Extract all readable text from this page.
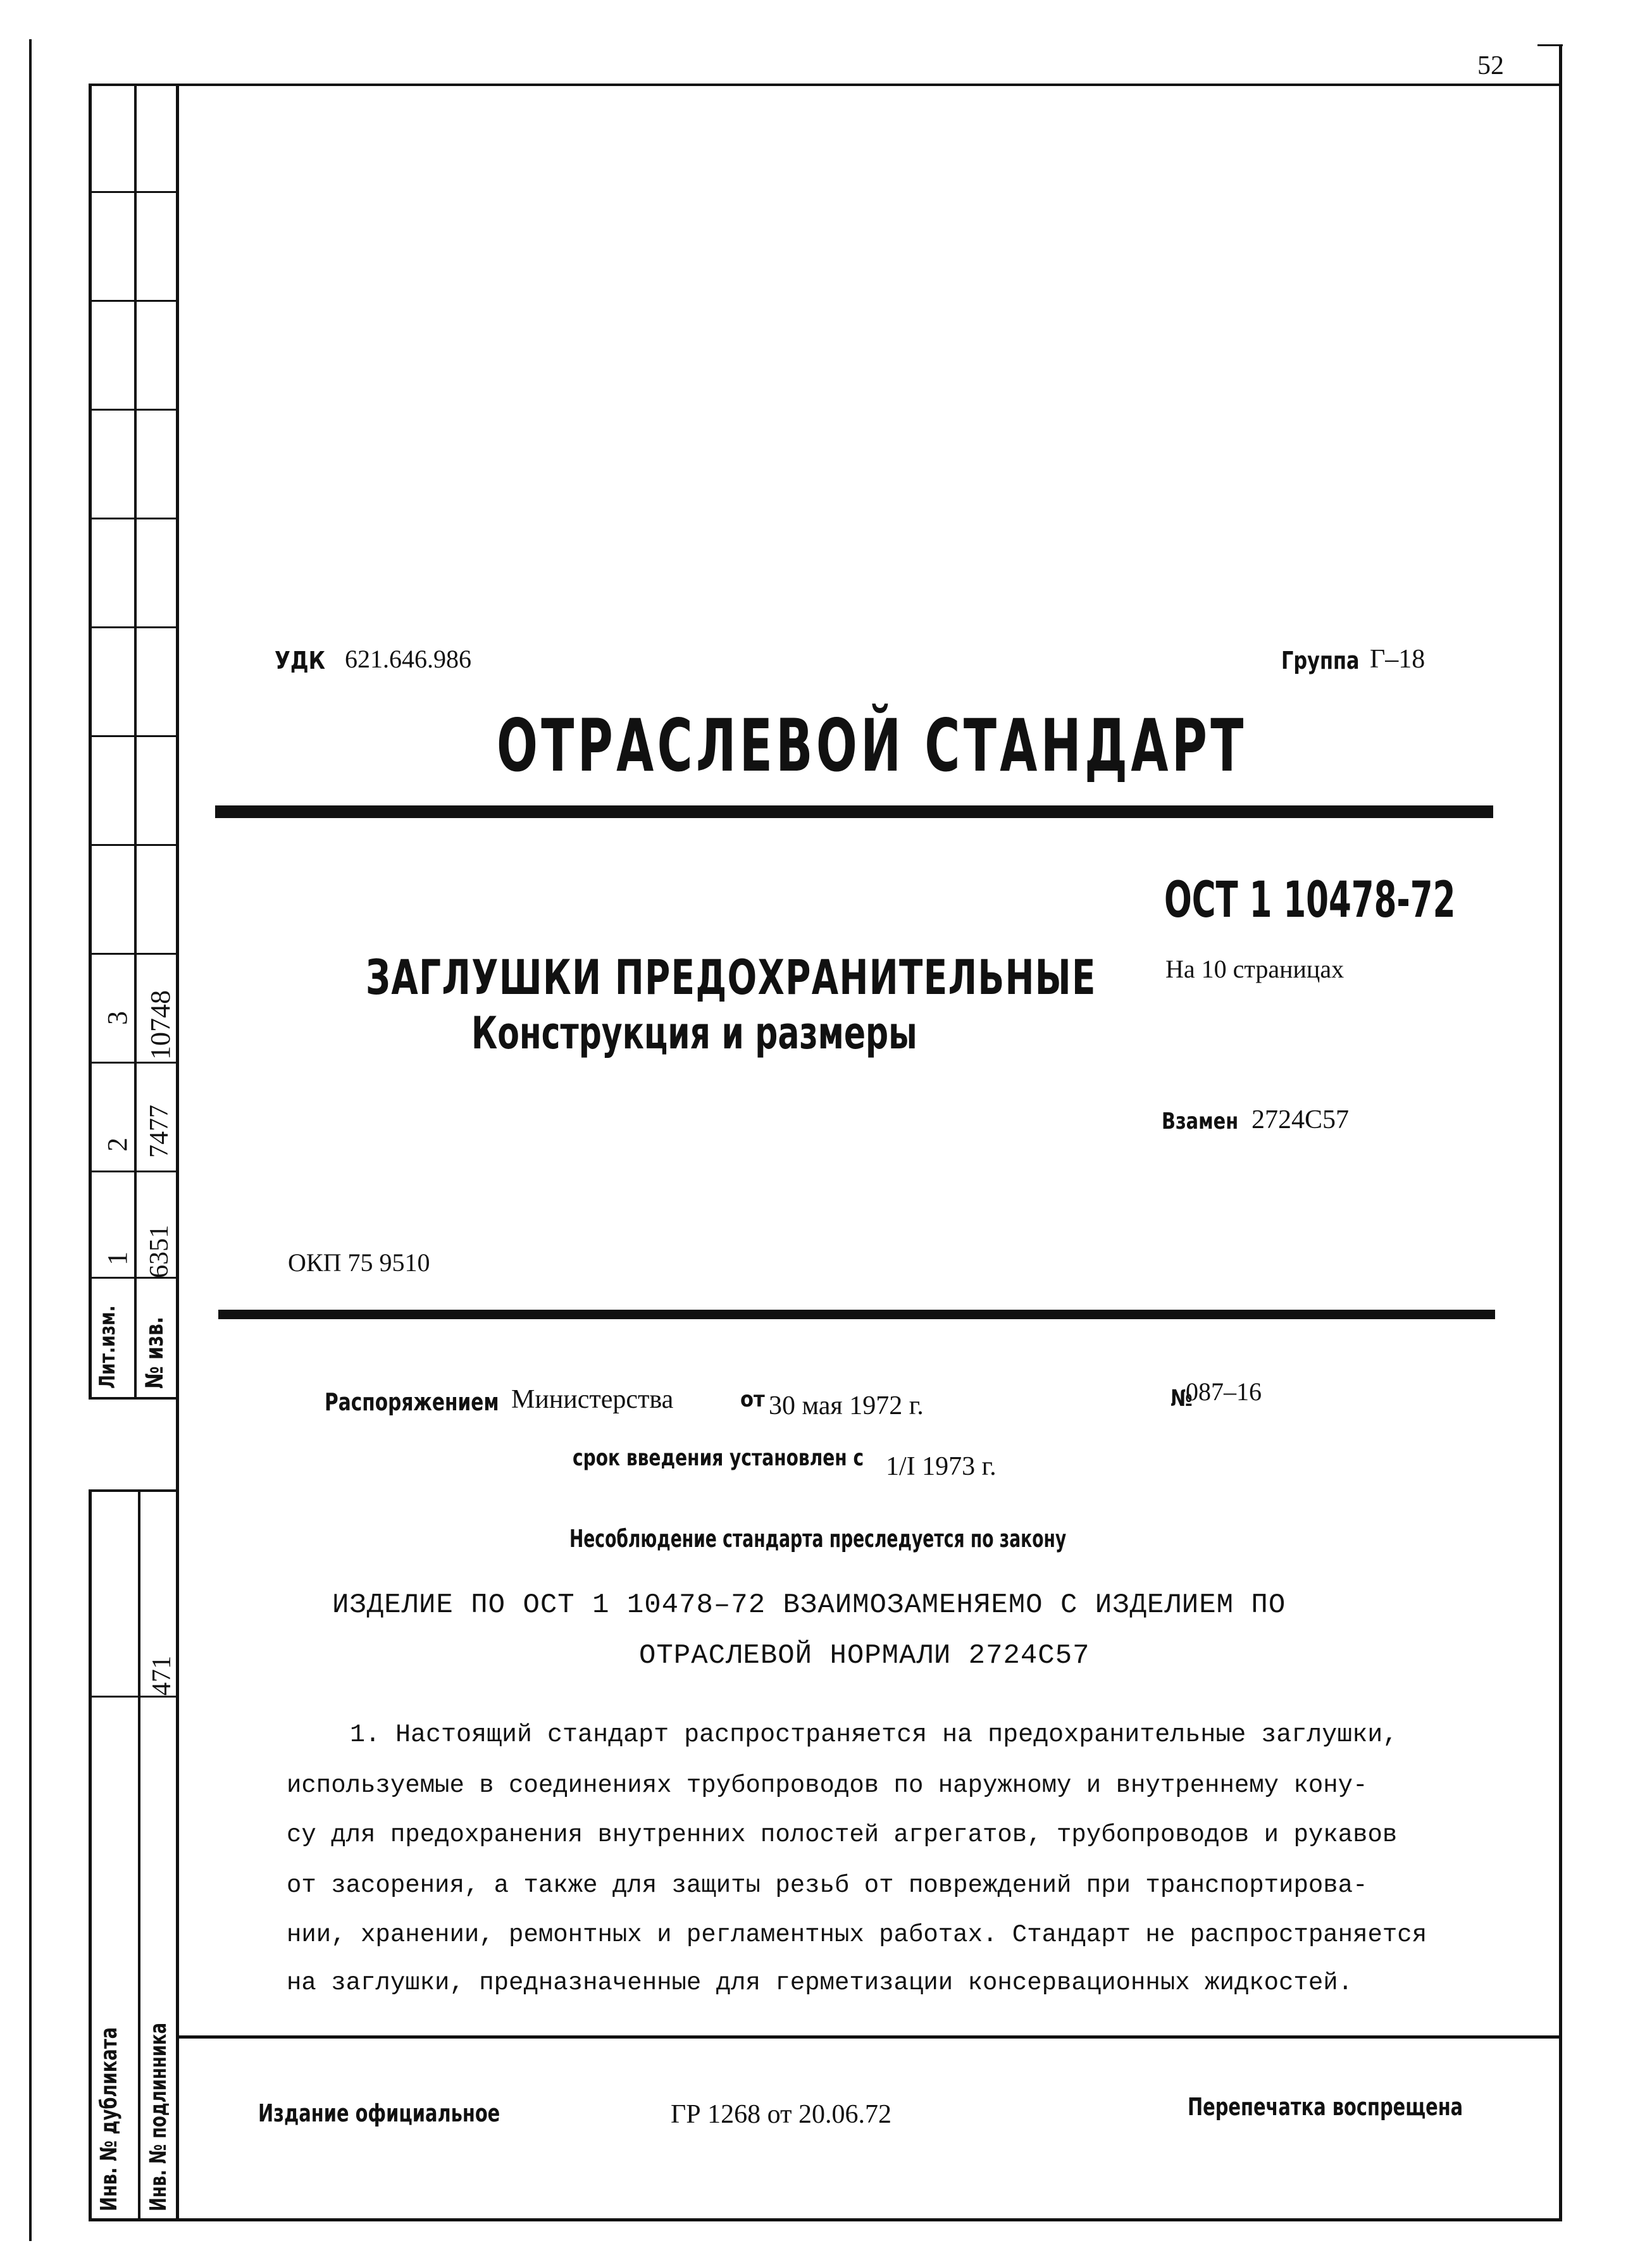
Лит.изм. № изв.
1 6351
2 7477
3 10748
471
Инв. № дубликата Инв. № подлинника
52
УДК 621.646.986	Группа Г–18
ОТРАСЛЕВОЙ СТАНДАРТ
ОСТ 1 10478-72
На 10 страницах
ЗАГЛУШКИ ПРЕДОХРАНИТЕЛЬНЫЕ
Конструкция и размеры
Взамен 2724С57
ОКП 75 9510
Распоряжением Министерства	от 30 мая 1972 г.	№
087–16
срок введения установлен с 1/I 1973 г.
Несоблюдение стандарта преследуется по закону
ИЗДЕЛИЕ ПО ОСТ 1 10478–72 ВЗАИМОЗАМЕНЯЕМО С ИЗДЕЛИЕМ ПО
ОТРАСЛЕВОЙ НОРМАЛИ 2724С57
1. Настоящий стандарт распространяется на предохранительные заглушки,
используемые в соединениях трубопроводов по наружному и внутреннему кону-
су для предохранения внутренних полостей агрегатов, трубопроводов и рукавов
от засорения, а также для защиты резьб от повреждений при транспортирова-
нии, хранении, ремонтных и регламентных работах. Стандарт не распространяется
на заглушки, предназначенные для герметизации консервационных жидкостей.
Издание официальное	ГР 1268 от 20.06.72	Перепечатка воспрещена
